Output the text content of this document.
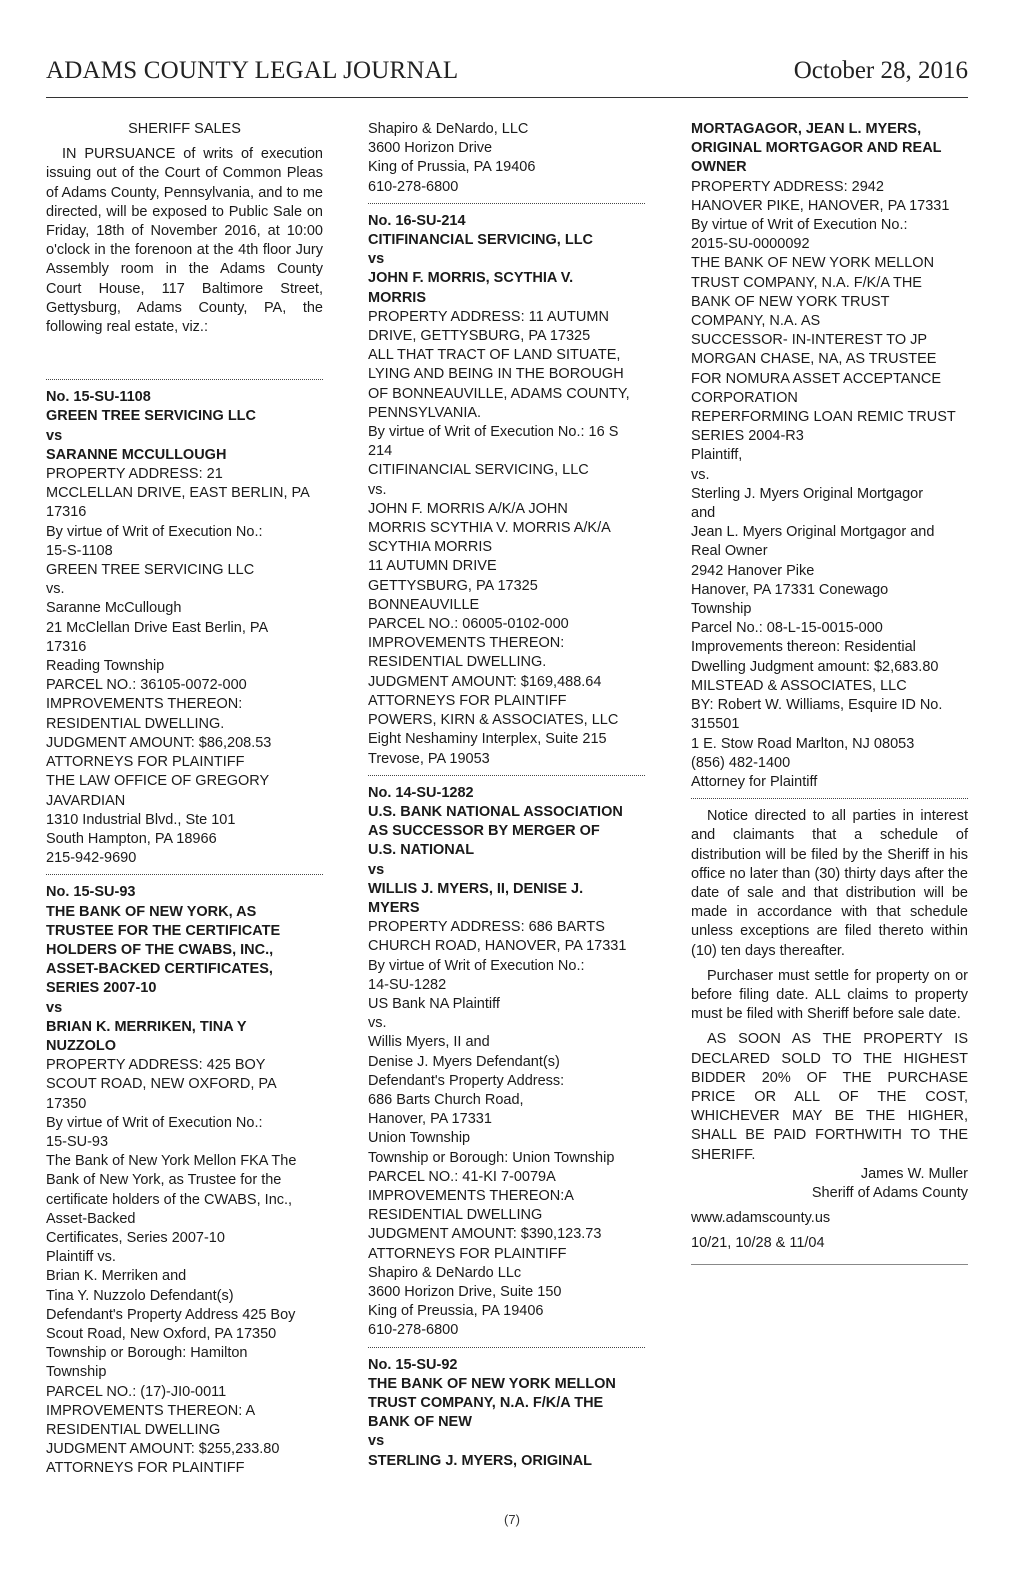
ADAMS COUNTY LEGAL JOURNAL	October 28, 2016
SHERIFF SALES
IN PURSUANCE of writs of execution issuing out of the Court of Common Pleas of Adams County, Pennsylvania, and to me directed, will be exposed to Public Sale on Friday, 18th of November 2016, at 10:00 o'clock in the forenoon at the 4th floor Jury Assembly room in the Adams County Court House, 117 Baltimore Street, Gettysburg, Adams County, PA, the following real estate, viz.:
No. 15-SU-1108
GREEN TREE SERVICING LLC
vs
SARANNE MCCULLOUGH
PROPERTY ADDRESS: 21
MCCLELLAN DRIVE, EAST BERLIN, PA
17316
By virtue of Writ of Execution No.:
15-S-1108
GREEN TREE SERVICING LLC
vs.
Saranne McCullough
21 McClellan Drive East Berlin, PA
17316
Reading Township
PARCEL NO.: 36105-0072-000
IMPROVEMENTS THEREON:
RESIDENTIAL DWELLING.
JUDGMENT AMOUNT: $86,208.53
ATTORNEYS FOR PLAINTIFF
THE LAW OFFICE OF GREGORY
JAVARDIAN
1310 Industrial Blvd., Ste 101
South Hampton, PA 18966
215-942-9690
No. 15-SU-93
THE BANK OF NEW YORK, AS
TRUSTEE FOR THE CERTIFICATE
HOLDERS OF THE CWABS, INC.,
ASSET-BACKED CERTIFICATES,
SERIES 2007-10
vs
BRIAN K. MERRIKEN, TINA Y
NUZZOLO
PROPERTY ADDRESS: 425 BOY
SCOUT ROAD, NEW OXFORD, PA
17350
By virtue of Writ of Execution No.:
15-SU-93
The Bank of New York Mellon FKA The
Bank of New York, as Trustee for the
certificate holders of the CWABS, Inc.,
Asset-Backed
Certificates, Series 2007-10
Plaintiff vs.
Brian K. Merriken and
Tina Y. Nuzzolo Defendant(s)
Defendant's Property Address 425 Boy
Scout Road, New Oxford, PA 17350
Township or Borough: Hamilton
Township
PARCEL NO.: (17)-JI0-0011
IMPROVEMENTS THEREON: A
RESIDENTIAL DWELLING
JUDGMENT AMOUNT: $255,233.80
ATTORNEYS FOR PLAINTIFF
Shapiro & DeNardo, LLC
3600 Horizon Drive
King of Prussia, PA 19406
610-278-6800
No. 16-SU-214
CITIFINANCIAL SERVICING, LLC
vs
JOHN F. MORRIS, SCYTHIA V.
MORRIS
PROPERTY ADDRESS: 11 AUTUMN
DRIVE, GETTYSBURG, PA 17325
ALL THAT TRACT OF LAND SITUATE,
LYING AND BEING IN THE BOROUGH
OF BONNEAUVILLE, ADAMS COUNTY,
PENNSYLVANIA.
By virtue of Writ of Execution No.: 16 S
214
CITIFINANCIAL SERVICING, LLC
vs.
JOHN F. MORRIS A/K/A JOHN
MORRIS SCYTHIA V. MORRIS A/K/A
SCYTHIA MORRIS
11 AUTUMN DRIVE
GETTYSBURG, PA 17325
BONNEAUVILLE
PARCEL NO.: 06005-0102-000
IMPROVEMENTS THEREON:
RESIDENTIAL DWELLING.
JUDGMENT AMOUNT: $169,488.64
ATTORNEYS FOR PLAINTIFF
POWERS, KIRN & ASSOCIATES, LLC
Eight Neshaminy Interplex, Suite 215
Trevose, PA 19053
No. 14-SU-1282
U.S. BANK NATIONAL ASSOCIATION
AS SUCCESSOR BY MERGER OF
U.S. NATIONAL
vs
WILLIS J. MYERS, II, DENISE J.
MYERS
PROPERTY ADDRESS: 686 BARTS
CHURCH ROAD, HANOVER, PA 17331
By virtue of Writ of Execution No.:
14-SU-1282
US Bank NA Plaintiff
vs.
Willis Myers, II and
Denise J. Myers Defendant(s)
Defendant's Property Address:
686 Barts Church Road,
Hanover, PA 17331
Union Township
Township or Borough: Union Township
PARCEL NO.: 41-KI 7-0079A
IMPROVEMENTS THEREON:A
RESIDENTIAL DWELLING
JUDGMENT AMOUNT: $390,123.73
ATTORNEYS FOR PLAINTIFF
Shapiro & DeNardo LLc
3600 Horizon Drive, Suite 150
King of Preussia, PA 19406
610-278-6800
No. 15-SU-92
THE BANK OF NEW YORK MELLON
TRUST COMPANY, N.A. F/K/A THE
BANK OF NEW
vs
STERLING J. MYERS, ORIGINAL
MORTAGAGOR, JEAN L. MYERS,
ORIGINAL MORTGAGOR AND REAL
OWNER
PROPERTY ADDRESS: 2942
HANOVER PIKE, HANOVER, PA 17331
By virtue of Writ of Execution No.:
2015-SU-0000092
THE BANK OF NEW YORK MELLON
TRUST COMPANY, N.A. F/K/A THE
BANK OF NEW YORK TRUST
COMPANY, N.A. AS
SUCCESSOR- IN-INTEREST TO JP
MORGAN CHASE, NA, AS TRUSTEE
FOR NOMURA ASSET ACCEPTANCE
CORPORATION
REPERFORMING LOAN REMIC TRUST
SERIES 2004-R3
Plaintiff,
vs.
Sterling J. Myers Original Mortgagor
and
Jean L. Myers Original Mortgagor and
Real Owner
2942 Hanover Pike
Hanover, PA 17331 Conewago
Township
Parcel No.: 08-L-15-0015-000
Improvements thereon: Residential
Dwelling Judgment amount: $2,683.80
MILSTEAD & ASSOCIATES, LLC
BY: Robert W. Williams, Esquire ID No.
315501
1 E. Stow Road Marlton, NJ 08053
(856) 482-1400
Attorney for Plaintiff
Notice directed to all parties in interest and claimants that a schedule of distribution will be filed by the Sheriff in his office no later than (30) thirty days after the date of sale and that distribution will be made in accordance with that schedule unless exceptions are filed thereto within (10) ten days thereafter.
Purchaser must settle for property on or before filing date. ALL claims to property must be filed with Sheriff before sale date.
AS SOON AS THE PROPERTY IS DECLARED SOLD TO THE HIGHEST BIDDER 20% OF THE PURCHASE PRICE OR ALL OF THE COST, WHICHEVER MAY BE THE HIGHER, SHALL BE PAID FORTHWITH TO THE SHERIFF.
James W. Muller
Sheriff of Adams County
www.adamscounty.us
10/21, 10/28 & 11/04
(7)
